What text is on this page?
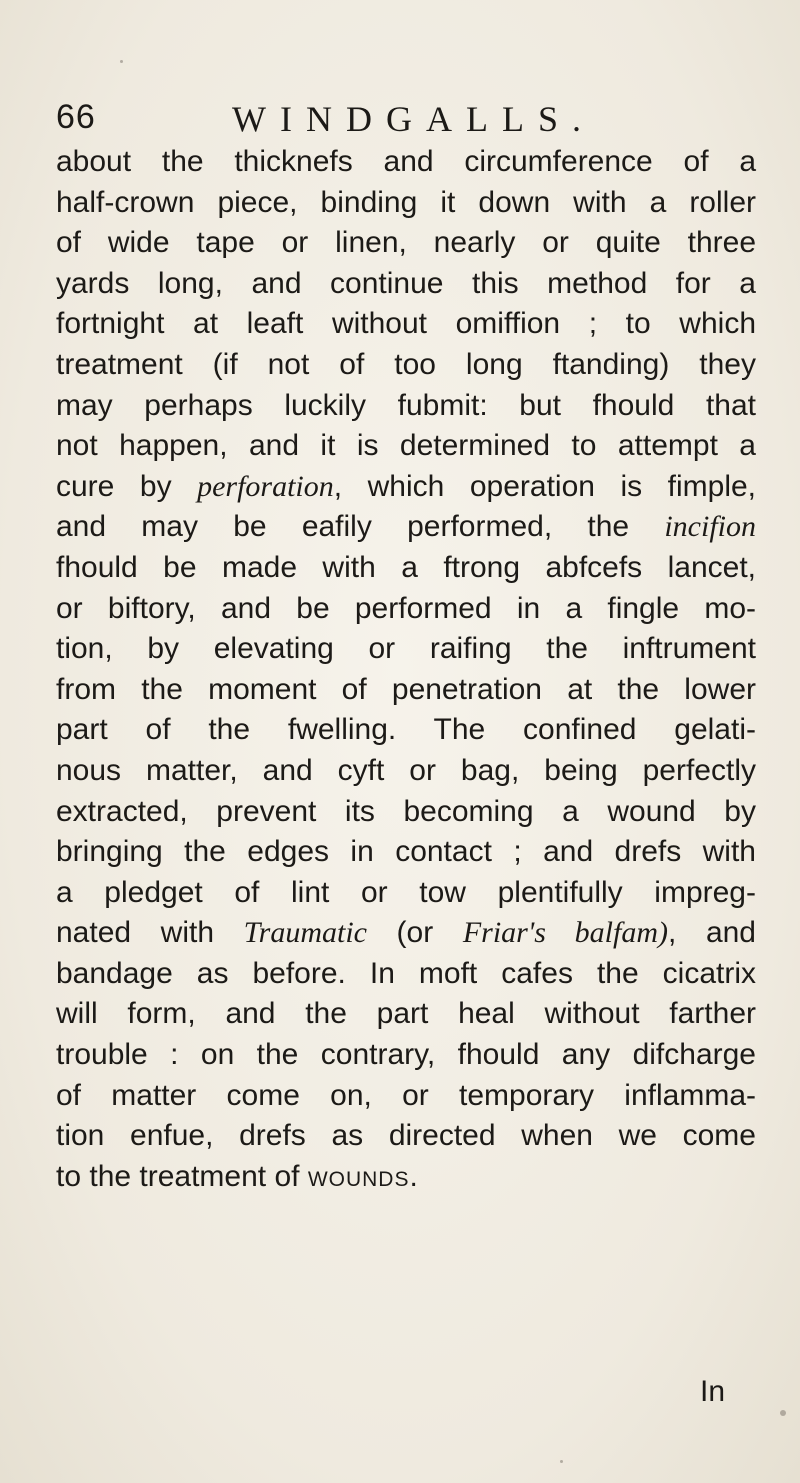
66	WINDGALLS.
about the thicknefs and circumference of a
half-crown piece, binding it down with a roller
of wide tape or linen, nearly or quite three
yards long, and continue this method for a
fortnight at leaft without omiffion ; to which
treatment (if not of too long ftanding) they
may perhaps luckily fubmit: but fhould that
not happen, and it is determined to attempt a
cure by perforation, which operation is fimple,
and may be eafily performed, the incifion
fhould be made with a ftrong abfcefs lancet,
or biftory, and be performed in a fingle mo-
tion, by elevating or raifing the inftrument
from the moment of penetration at the lower
part of the fwelling. The confined gelati-
nous matter, and cyft or bag, being perfectly
extracted, prevent its becoming a wound by
bringing the edges in contact ; and drefs with
a pledget of lint or tow plentifully impreg-
nated with Traumatic (or Friar's balfam), and
bandage as before. In moft cafes the cicatrix
will form, and the part heal without farther
trouble : on the contrary, fhould any difcharge
of matter come on, or temporary inflamma-
tion enfue, drefs as directed when we come
to the treatment of wounds.
In
